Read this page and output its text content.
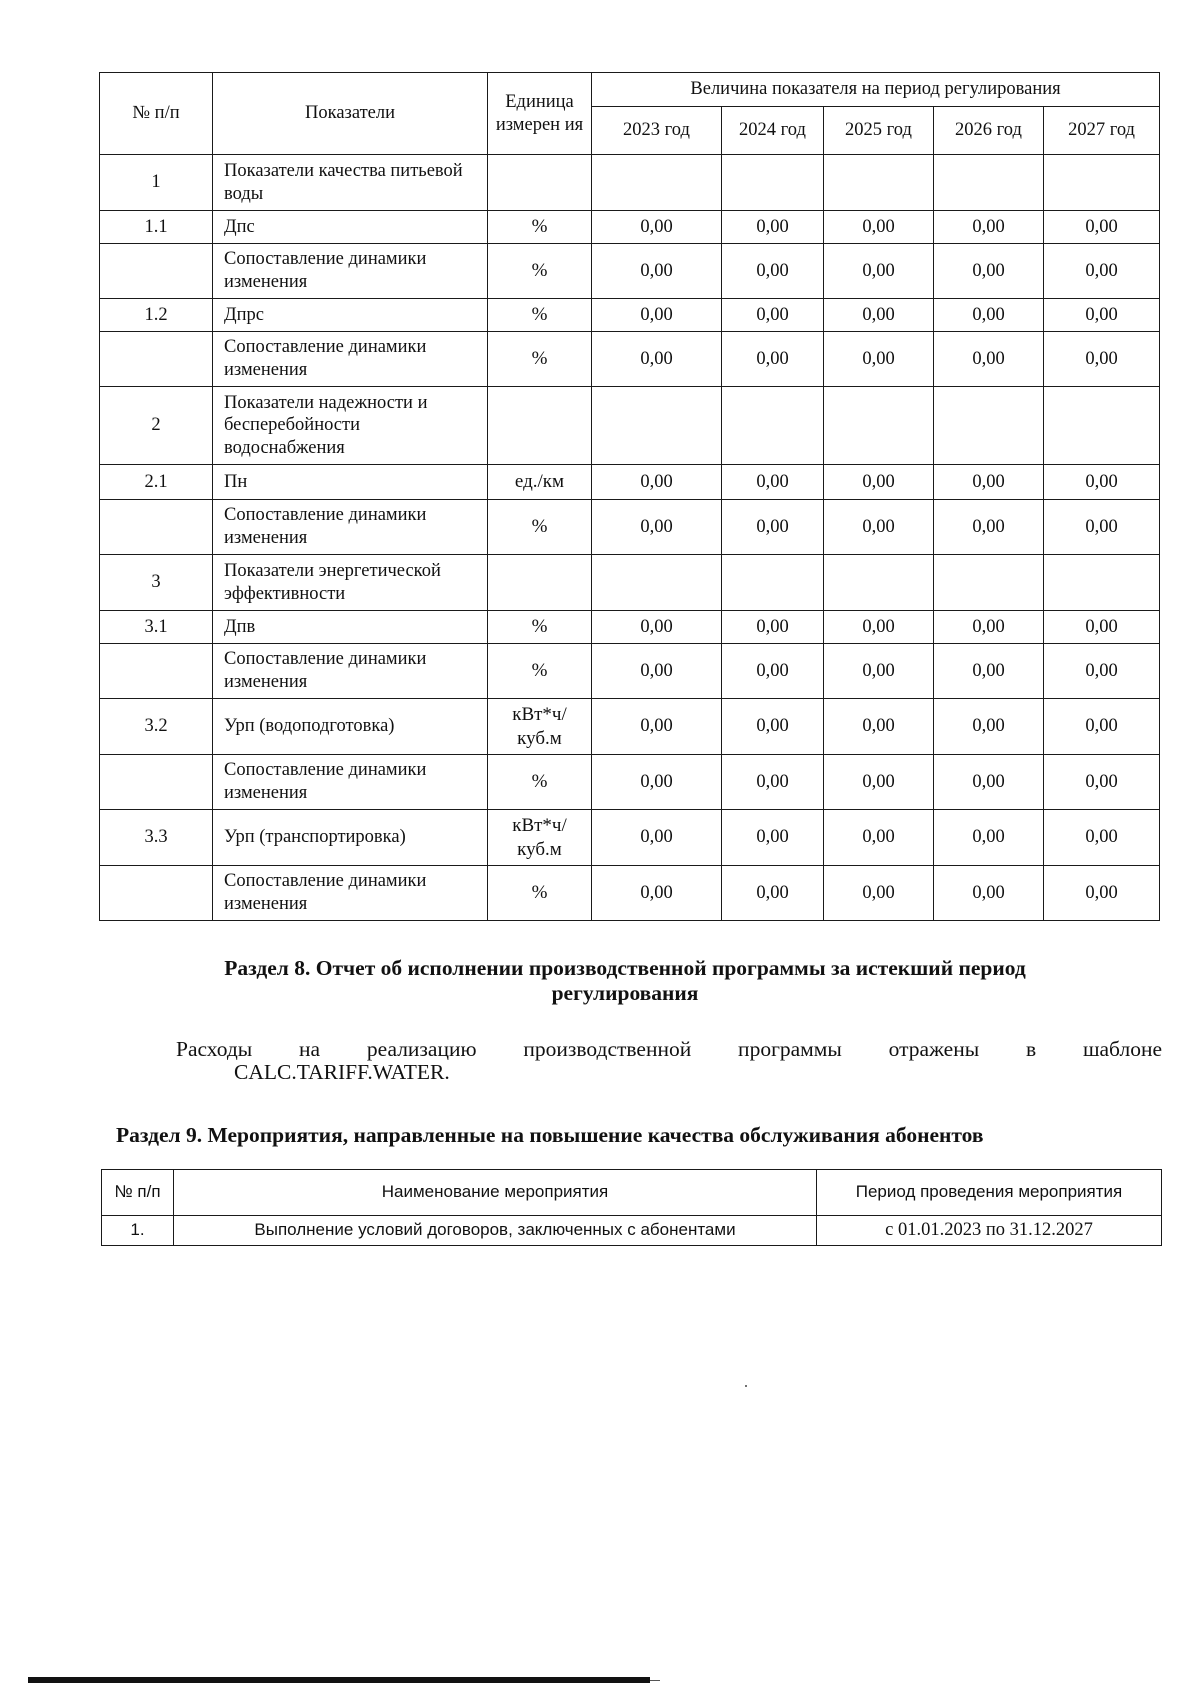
№ п/п	Показатели	Единица измерен ия	Величина показателя на период регулирования				
			2023 год	2024 год	2025 год	2026 год	2027 год
1	Показатели качества питьевой воды						
1.1	Дпс	%	0,00	0,00	0,00	0,00	0,00
	Сопоставление динамики изменения	%	0,00	0,00	0,00	0,00	0,00
1.2	Дпрс	%	0,00	0,00	0,00	0,00	0,00
	Сопоставление динамики изменения	%	0,00	0,00	0,00	0,00	0,00
2	Показатели надежности и бесперебойности водоснабжения						
2.1	Пн	ед./км	0,00	0,00	0,00	0,00	0,00
	Сопоставление динамики изменения	%	0,00	0,00	0,00	0,00	0,00
3	Показатели энергетической эффективности						
3.1	Дпв	%	0,00	0,00	0,00	0,00	0,00
	Сопоставление динамики изменения	%	0,00	0,00	0,00	0,00	0,00
3.2	Урп (водоподготовка)	кВт*ч/ куб.м	0,00	0,00	0,00	0,00	0,00
	Сопоставление динамики изменения	%	0,00	0,00	0,00	0,00	0,00
3.3	Урп (транспортировка)	кВт*ч/ куб.м	0,00	0,00	0,00	0,00	0,00
	Сопоставление динамики изменения	%	0,00	0,00	0,00	0,00	0,00
Раздел 8. Отчет об исполнении производственной программы за истекший период регулирования

Расходы на реализацию производственной программы отражены в шаблоне
CALC.TARIFF.WATER.

Раздел 9. Мероприятия, направленные на повышение качества обслуживания абонентов
№ п/п	Наименование мероприятия	Период проведения мероприятия
1.	Выполнение условий договоров, заключенных с абонентами	с 01.01.2023 по 31.12.2027
